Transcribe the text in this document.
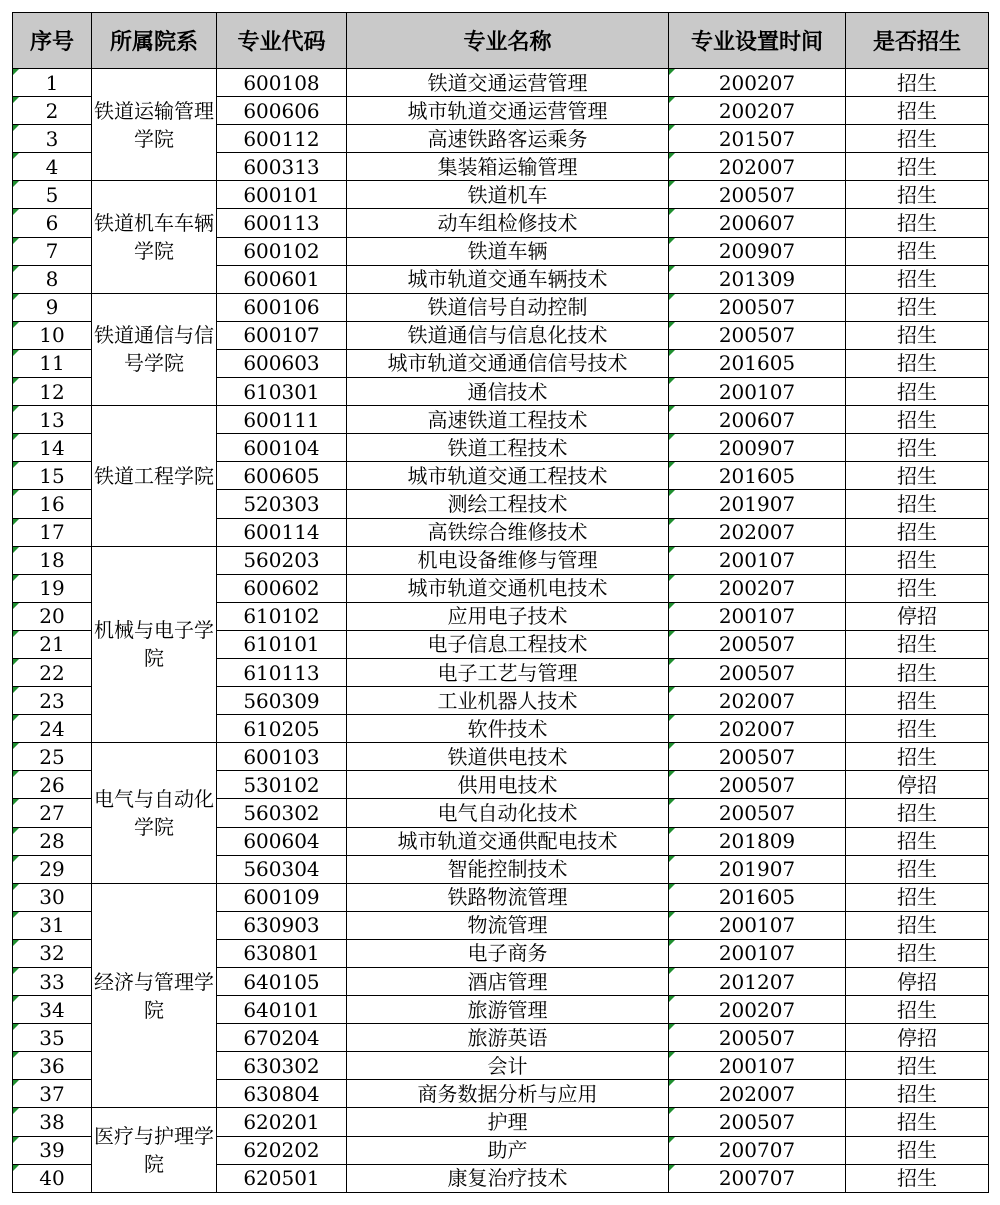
序号	所属院系	专业代码	专业名称	专业设置时间	是否招生
1	铁道运输管理学院	600108	铁道交通运营管理	200207	招生
2		600606	城市轨道交通运营管理	200207	招生
3		600112	高速铁路客运乘务	201507	招生
4		600313	集装箱运输管理	202007	招生
5	铁道机车车辆学院	600101	铁道机车	200507	招生
6		600113	动车组检修技术	200607	招生
7		600102	铁道车辆	200907	招生
8		600601	城市轨道交通车辆技术	201309	招生
9	铁道通信与信号学院	600106	铁道信号自动控制	200507	招生
10		600107	铁道通信与信息化技术	200507	招生
11		600603	城市轨道交通通信信号技术	201605	招生
12		610301	通信技术	200107	招生
13	铁道工程学院	600111	高速铁道工程技术	200607	招生
14		600104	铁道工程技术	200907	招生
15		600605	城市轨道交通工程技术	201605	招生
16		520303	测绘工程技术	201907	招生
17		600114	高铁综合维修技术	202007	招生
18	机械与电子学院	560203	机电设备维修与管理	200107	招生
19		600602	城市轨道交通机电技术	200207	招生
20		610102	应用电子技术	200107	停招
21		610101	电子信息工程技术	200507	招生
22		610113	电子工艺与管理	200507	招生
23		560309	工业机器人技术	202007	招生
24		610205	软件技术	202007	招生
25	电气与自动化学院	600103	铁道供电技术	200507	招生
26		530102	供用电技术	200507	停招
27		560302	电气自动化技术	200507	招生
28		600604	城市轨道交通供配电技术	201809	招生
29		560304	智能控制技术	201907	招生
30	经济与管理学院	600109	铁路物流管理	201605	招生
31		630903	物流管理	200107	招生
32		630801	电子商务	200107	招生
33		640105	酒店管理	201207	停招
34		640101	旅游管理	200207	招生
35		670204	旅游英语	200507	停招
36		630302	会计	200107	招生
37		630804	商务数据分析与应用	202007	招生
38	医疗与护理学院	620201	护理	200507	招生
39		620202	助产	200707	招生
40		620501	康复治疗技术	200707	招生
